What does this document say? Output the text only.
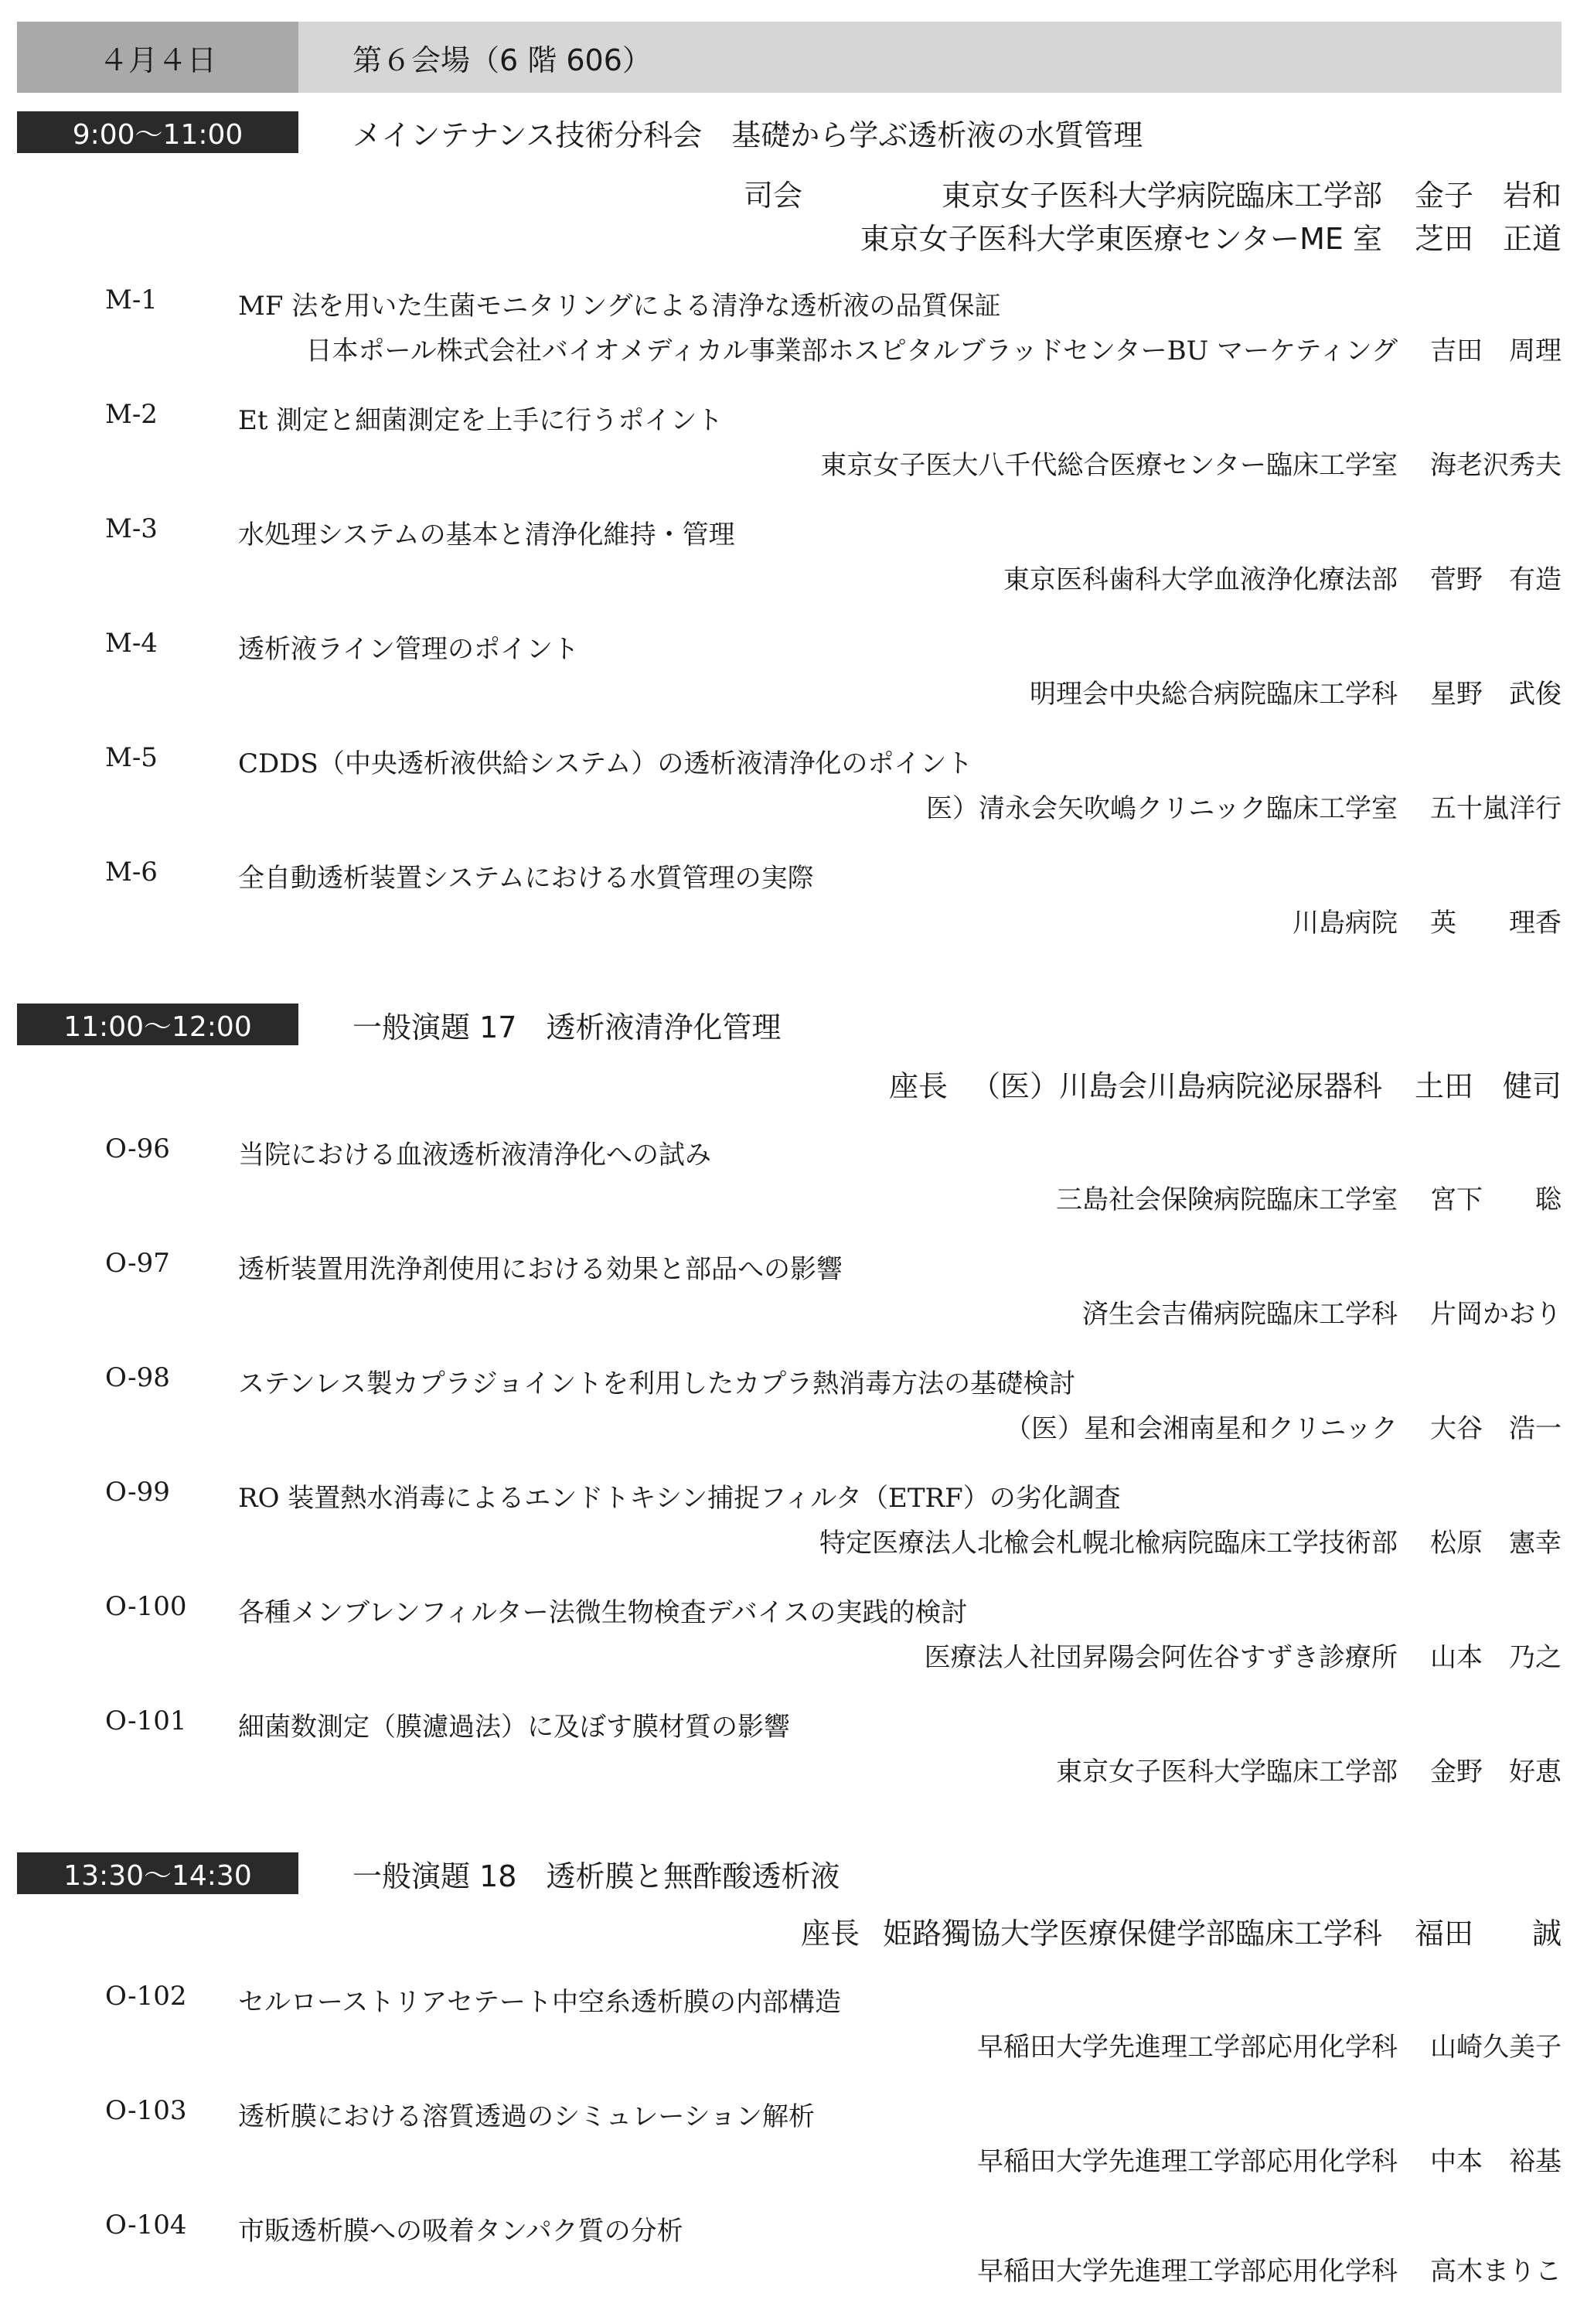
４月４日	第６会場（6 階 606）
9:00～11:00	メインテナンス技術分科会　基礎から学ぶ透析液の水質管理
司会	東京女子医科大学病院臨床工学部 金子　岩和
東京女子医科大学東医療センターME 室 芝田　正道
M-1	MF 法を用いた生菌モニタリングによる清浄な透析液の品質保証
日本ポール株式会社バイオメディカル事業部ホスピタルブラッドセンターBU マーケティング 吉田　周理
M-2	Et 測定と細菌測定を上手に行うポイント
東京女子医大八千代総合医療センター臨床工学室 海老沢秀夫
M-3	水処理システムの基本と清浄化維持・管理
東京医科歯科大学血液浄化療法部 菅野　有造
M-4	透析液ライン管理のポイント
明理会中央総合病院臨床工学科 星野　武俊
M-5	CDDS（中央透析液供給システム）の透析液清浄化のポイント
医）清永会矢吹嶋クリニック臨床工学室 五十嵐洋行
M-6	全自動透析装置システムにおける水質管理の実際
川島病院 英　　理香
11:00～12:00	一般演題 17　透析液清浄化管理
座長 （医）川島会川島病院泌尿器科 土田　健司
O-96	当院における血液透析液清浄化への試み
三島社会保険病院臨床工学室 宮下　　聡
O-97	透析装置用洗浄剤使用における効果と部品への影響
済生会吉備病院臨床工学科 片岡かおり
O-98	ステンレス製カプラジョイントを利用したカプラ熱消毒方法の基礎検討
（医）星和会湘南星和クリニック 大谷　浩一
O-99	RO 装置熱水消毒によるエンドトキシン捕捉フィルタ（ETRF）の劣化調査
特定医療法人北楡会札幌北楡病院臨床工学技術部 松原　憲幸
O-100 各種メンブレンフィルター法微生物検査デバイスの実践的検討
医療法人社団昇陽会阿佐谷すずき診療所 山本　乃之
O-101 細菌数測定（膜濾過法）に及ぼす膜材質の影響
東京女子医科大学臨床工学部 金野　好恵
13:30～14:30	一般演題 18　透析膜と無酢酸透析液
座長 姫路獨協大学医療保健学部臨床工学科 福田　　誠
O-102 セルローストリアセテート中空糸透析膜の内部構造
早稲田大学先進理工学部応用化学科 山崎久美子
O-103 透析膜における溶質透過のシミュレーション解析
早稲田大学先進理工学部応用化学科 中本　裕基
O-104 市販透析膜への吸着タンパク質の分析
早稲田大学先進理工学部応用化学科 高木まりこ
